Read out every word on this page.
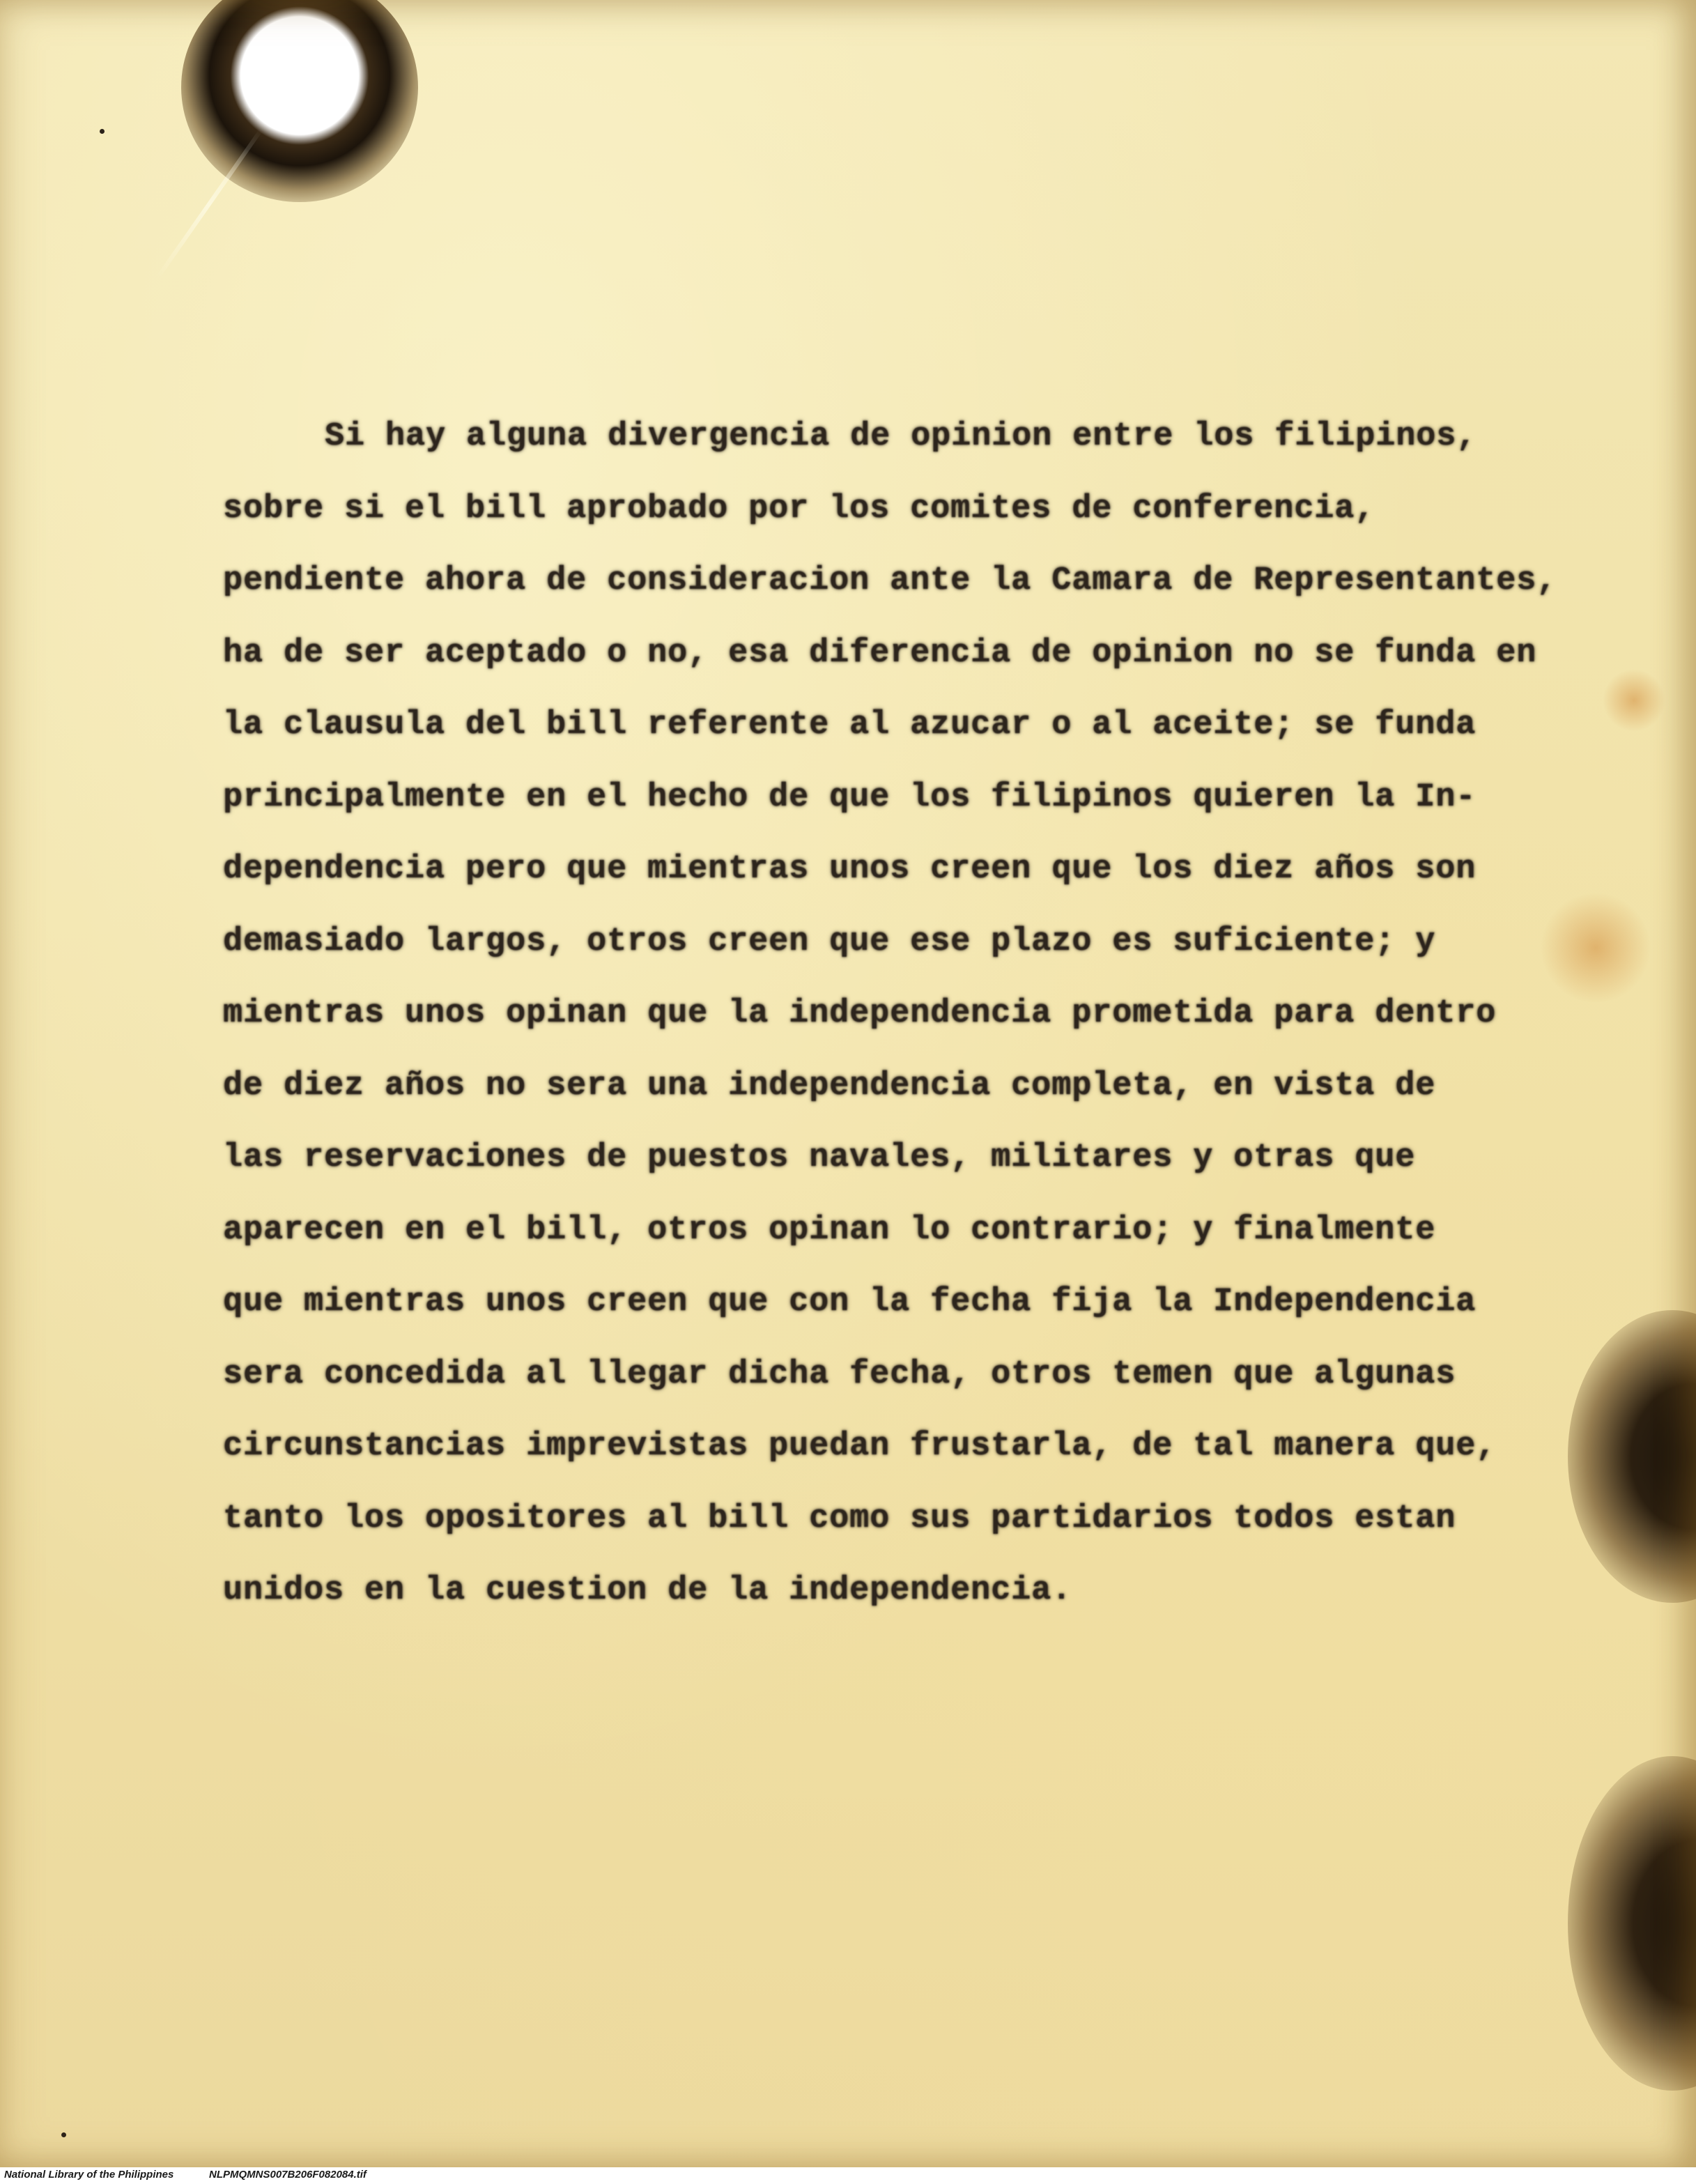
Si hay alguna divergencia de opinion entre los filipinos,
sobre si el bill aprobado por los comites de conferencia,
pendiente ahora de consideracion ante la Camara de Representantes,
ha de ser aceptado o no, esa diferencia de opinion no se funda en
la clausula del bill referente al azucar o al aceite; se funda
principalmente en el hecho de que los filipinos quieren la In-
dependencia pero que mientras unos creen que los diez años son
demasiado largos, otros creen que ese plazo es suficiente; y
mientras unos opinan que la independencia prometida para dentro
de diez años no sera una independencia completa, en vista de
las reservaciones de puestos navales, militares y otras que
aparecen en el bill, otros opinan lo contrario; y finalmente
que mientras unos creen que con la fecha fija la Independencia
sera concedida al llegar dicha fecha, otros temen que algunas
circunstancias imprevistas puedan frustarla, de tal manera que,
tanto los opositores al bill como sus partidarios todos estan
unidos en la cuestion de la independencia.
National Library of the Philippines	NLPMQMNS007B206F082084.tif
